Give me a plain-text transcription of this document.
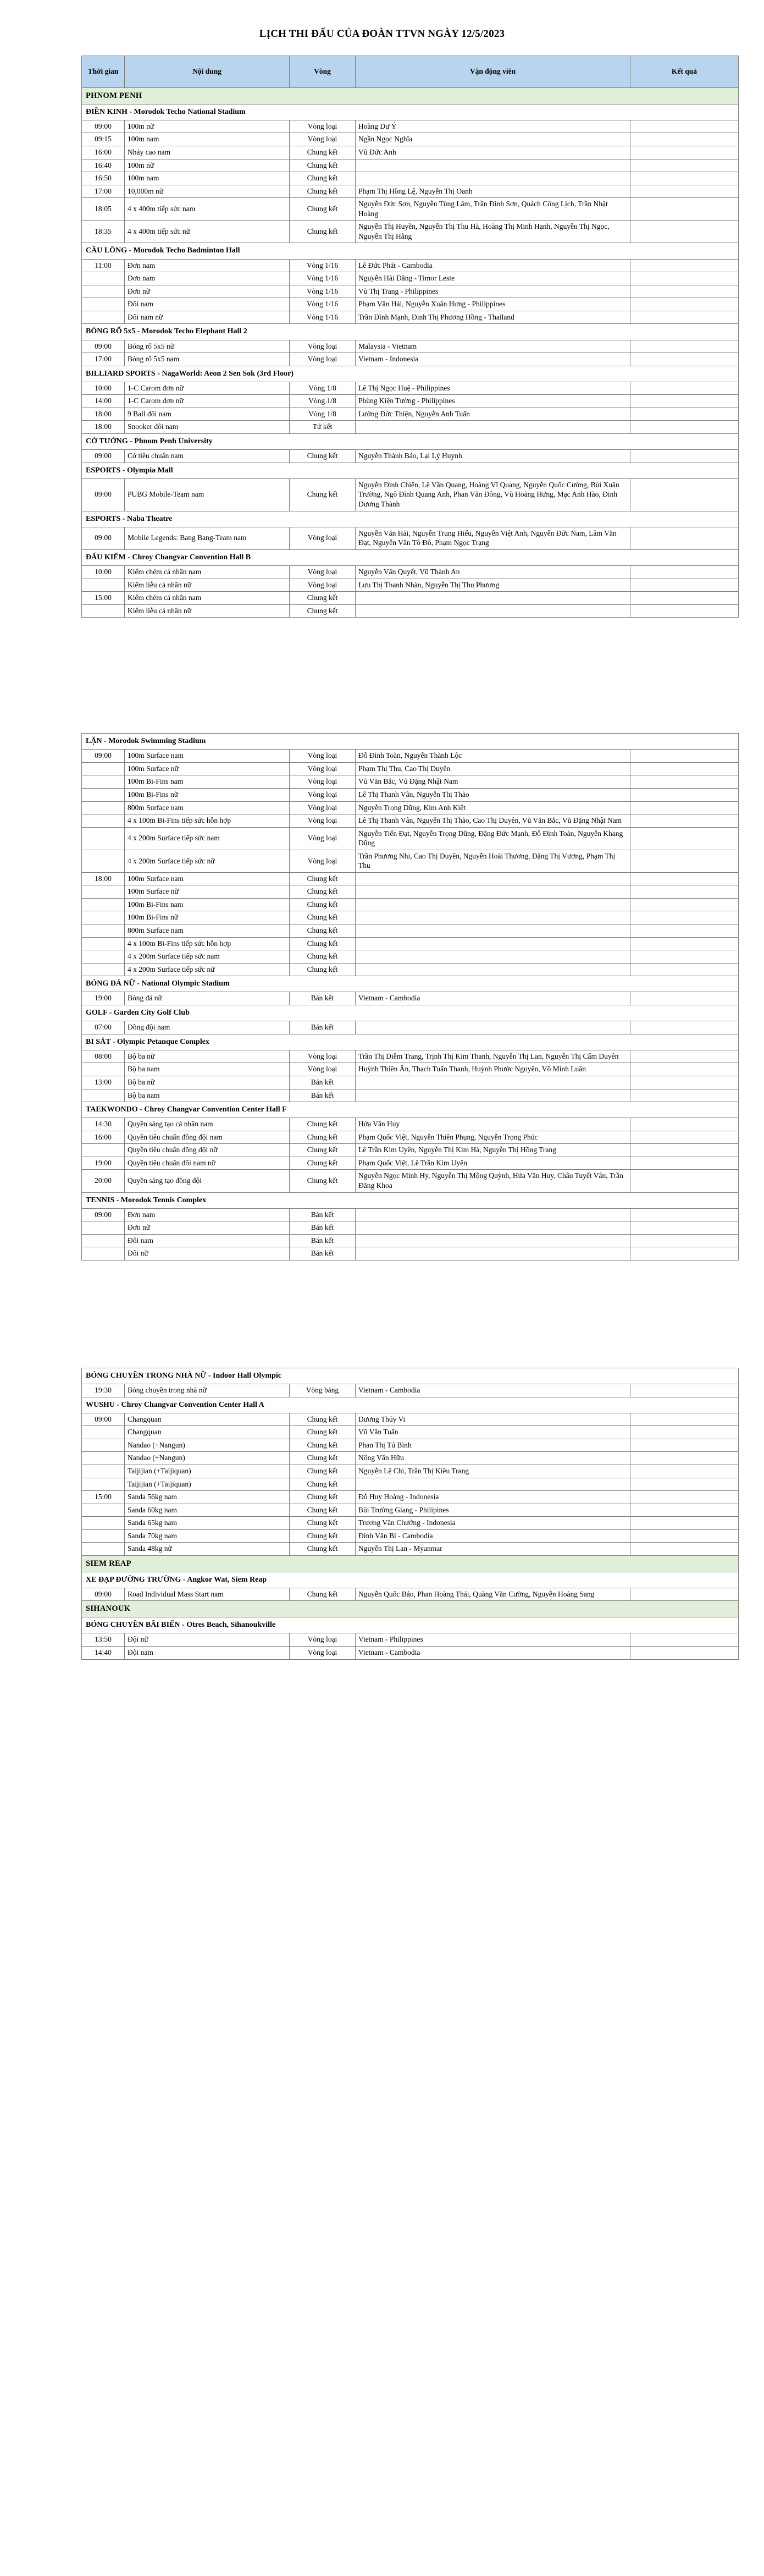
LỊCH THI ĐẤU CỦA ĐOÀN TTVN NGÀY 12/5/2023
Thời gian	Nội dung	Vòng	Vận động viên	Kết quả
PHNOM PENH				
ĐIỀN KINH - Morodok Techo National Stadium				
09:00	100m nữ	Vòng loại	Hoàng Dư Ý	
09:15	100m nam	Vòng loại	Ngần Ngọc Nghĩa	
16:00	Nhảy cao nam	Chung kết	Vũ Đức Anh	
16:40	100m nữ	Chung kết		
16:50	100m nam	Chung kết		
17:00	10,000m nữ	Chung kết	Phạm Thị Hồng Lệ, Nguyễn Thị Oanh	
18:05	4 x 400m tiếp sức nam	Chung kết	Nguyễn Đức Sơn, Nguyễn Tùng Lâm, Trần Đình Sơn, Quách Công Lịch, Trần Nhật Hoàng	
18:35	4 x 400m tiếp sức nữ	Chung kết	Nguyễn Thị Huyền, Nguyễn Thị Thu Hà, Hoàng Thị Minh Hạnh, Nguyễn Thị Ngọc, Nguyễn Thị Hằng	
CẦU LÔNG - Morodok Techo Badminton Hall				
11:00	Đơn nam	Vòng 1/16	Lê Đức Phát - Cambodia	
	Đơn nam	Vòng 1/16	Nguyễn Hải Đăng - Timor Leste	
	Đơn nữ	Vòng 1/16	Vũ Thị Trang - Philippines	
	Đôi nam	Vòng 1/16	Phạm Văn Hải, Nguyễn Xuân Hưng - Philippines	
	Đôi nam nữ	Vòng 1/16	Trần Đình Mạnh, Đinh Thị Phương Hồng - Thailand	
BÓNG RỔ 5x5 - Morodok Techo Elephant Hall 2				
09:00	Bóng rổ 5x5 nữ	Vòng loại	Malaysia - Vietnam	
17:00	Bóng rổ 5x5 nam	Vòng loại	Vietnam - Indonesia	
BILLIARD SPORTS - NagaWorld: Aeon 2 Sen Sok (3rd Floor)				
10:00	1-C Carom đơn nữ	Vòng 1/8	Lê Thị Ngọc Huệ - Philippines	
14:00	1-C Carom đơn nữ	Vòng 1/8	Phùng Kiện Tường - Philippines	
18:00	9 Ball đôi nam	Vòng 1/8	Lường Đức Thiện, Nguyễn Anh Tuấn	
18:00	Snooker đôi nam	Tứ kết		
CỜ TƯỚNG - Phnom Penh University				
09:00	Cờ tiêu chuẩn nam	Chung kết	Nguyễn Thành Bảo, Lại Lý Huynh	
ESPORTS - Olympia Mall				
09:00	PUBG Mobile-Team nam	Chung kết	Nguyễn Đình Chiến, Lê Văn Quang, Hoàng Vĩ Quang, Nguyễn Quốc Cường, Bùi Xuân Trường, Ngô Đình Quang Anh, Phan Văn Đông, Vũ Hoàng Hưng, Mạc Anh Hào, Đinh Dương Thành	
ESPORTS - Naba Theatre				
09:00	Mobile Legends: Bang Bang-Team nam	Vòng loại	Nguyễn Văn Hải, Nguyễn Trung Hiếu, Nguyễn Việt Anh, Nguyễn Đức Nam, Lâm Văn Đạt, Nguyễn Văn Tô Đô, Phạm Ngọc Trạng	
ĐẤU KIẾM - Chroy Changvar Convention Hall B				
10:00	Kiếm chém cá nhân nam	Vòng loại	Nguyễn Văn Quyết, Vũ Thành An	
	Kiếm liễu cá nhân nữ	Vòng loại	Lưu Thị Thanh Nhàn, Nguyễn Thị Thu Phương	
15:00	Kiếm chém cá nhân nam	Chung kết		
	Kiếm liễu cá nhân nữ	Chung kết		
LẶN - Morodok Swimming Stadium				
09:00	100m Surface nam	Vòng loại	Đỗ Đình Toàn, Nguyễn Thành Lộc	
	100m Surface nữ	Vòng loại	Phạm Thị Thu, Cao Thị Duyên	
	100m Bi-Fins nam	Vòng loại	Vũ Văn Bắc, Vũ Đặng Nhật Nam	
	100m Bi-Fins nữ	Vòng loại	Lê Thị Thanh Vân, Nguyễn Thị Thảo	
	800m Surface nam	Vòng loại	Nguyễn Trọng Dũng, Kim Anh Kiệt	
	4 x 100m Bi-Fins tiếp sức hỗn hợp	Vòng loại	Lê Thị Thanh Vân, Nguyễn Thị Thảo, Cao Thị Duyên, Vũ Văn Bắc, Vũ Đặng Nhật Nam	
	4 x 200m Surface tiếp sức nam	Vòng loại	Nguyễn Tiến Đạt, Nguyễn Trọng Dũng, Đặng Đức Mạnh, Đỗ Đình Toàn, Nguyễn Khang Dũng	
	4 x 200m Surface tiếp sức nữ	Vòng loại	Trần Phương Nhi, Cao Thị Duyên, Nguyễn Hoài Thương, Đặng Thị Vương, Phạm Thị Thu	
18:00	100m Surface nam	Chung kết		
	100m Surface nữ	Chung kết		
	100m Bi-Fins nam	Chung kết		
	100m Bi-Fins nữ	Chung kết		
	800m Surface nam	Chung kết		
	4 x 100m Bi-Fins tiếp sức hỗn hợp	Chung kết		
	4 x 200m Surface tiếp sức nam	Chung kết		
	4 x 200m Surface tiếp sức nữ	Chung kết		
BÓNG ĐÁ NỮ - National Olympic Stadium				
19:00	Bóng đá nữ	Bán kết	Vietnam - Cambodia	
GOLF - Garden City Golf Club				
07:00	Đồng đội nam	Bán kết		
BI SẮT - Olympic Petanque Complex				
08:00	Bộ ba nữ	Vòng loại	Trần Thị Diễm Trang, Trịnh Thị Kim Thanh, Nguyễn Thị Lan, Nguyễn Thị Cẩm Duyên	
	Bộ ba nam	Vòng loại	Huỳnh Thiên Ân, Thạch Tuấn Thanh, Huỳnh Phước Nguyên, Võ Minh Luân	
13:00	Bộ ba nữ	Bán kết		
	Bộ ba nam	Bán kết		
TAEKWONDO - Chroy Changvar Convention Center Hall F				
14:30	Quyền sáng tạo cá nhân nam	Chung kết	Hứa Văn Huy	
16:00	Quyền tiêu chuẩn đồng đội nam	Chung kết	Phạm Quốc Việt, Nguyễn Thiên Phụng, Nguyễn Trọng Phúc	
	Quyền tiêu chuẩn đồng đội nữ	Chung kết	Lê Trần Kim Uyên, Nguyễn Thị Kim Hà, Nguyễn Thị Hồng Trang	
19:00	Quyền tiêu chuẩn đôi nam nữ	Chung kết	Phạm Quốc Việt, Lê Trần Kim Uyên	
20:00	Quyền sáng tạo đồng đội	Chung kết	Nguyễn Ngọc Minh Hy, Nguyễn Thị Mộng Quỳnh, Hứa Văn Huy, Châu Tuyết Vân, Trần Đăng Khoa	
TENNIS - Morodok Tennis Complex				
09:00	Đơn nam	Bán kết		
	Đơn nữ	Bán kết		
	Đôi nam	Bán kết		
	Đôi nữ	Bán kết		
BÓNG CHUYỀN TRONG NHÀ NỮ - Indoor Hall Olympic				
19:30	Bóng chuyền trong nhà nữ	Vòng bảng	Vietnam - Cambodia	
WUSHU - Chroy Changvar Convention Center Hall A				
09:00	Changquan	Chung kết	Dương Thúy Vi	
	Changquan	Chung kết	Vũ Văn Tuấn	
	Nandao (+Nangun)	Chung kết	Phan Thị Tú Bình	
	Nandao (+Nangun)	Chung kết	Nông Văn Hữu	
	Taijijian (+Taijiquan)	Chung kết	Nguyễn Lệ Chi, Trần Thị Kiều Trang	
	Taijijian (+Taijiquan)	Chung kết		
15:00	Sanda 56kg nam	Chung kết	Đỗ Huy Hoàng - Indonesia	
	Sanda 60kg nam	Chung kết	Bùi Trường Giang - Philipines	
	Sanda 65kg nam	Chung kết	Trương Văn Chưởng - Indonesia	
	Sanda 70kg nam	Chung kết	Đinh Văn Bí - Cambodia	
	Sanda 48kg nữ	Chung kết	Nguyễn Thị Lan - Myanmar	
SIEM REAP				
XE ĐẠP ĐƯỜNG TRƯỜNG - Angkor Wat, Siem Reap				
09:00	Road Individual Mass Start nam	Chung kết	Nguyễn Quốc Bảo, Phan Hoàng Thái, Quàng Văn Cường, Nguyễn Hoàng Sang	
SIHANOUK				
BÓNG CHUYỀN BÃI BIỂN - Otres Beach, Sihanoukville				
13:50	Đội nữ	Vòng loại	Vietnam - Philippines	
14:40	Đội nam	Vòng loại	Vietnam - Cambodia	
